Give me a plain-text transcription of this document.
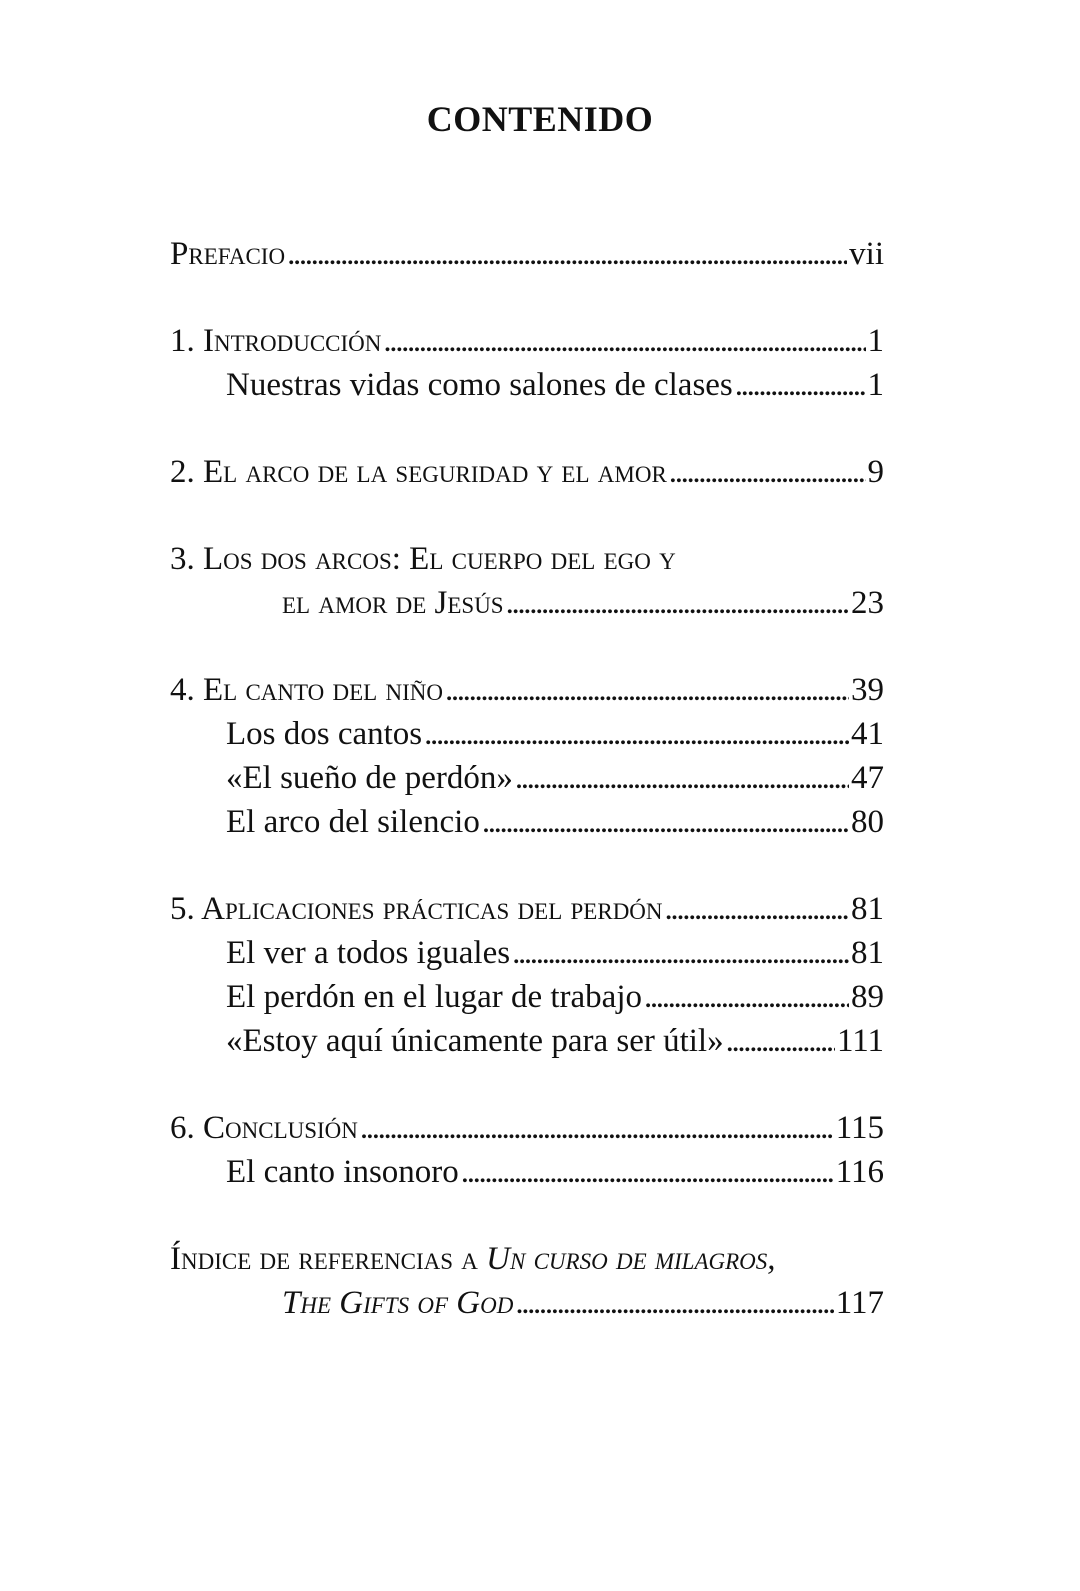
CONTENIDO
Prefacio . . .	vii
1. Introducción . . .	1
Nuestras vidas como salones de clases . . .	1
2. El arco de la seguridad y el amor . . .	9
3. Los dos arcos: El cuerpo del ego y
el amor de Jesús . . .	23
4. El canto del niño . . .	39
Los dos cantos . . .	41
«El sueño de perdón» . . .	47
El arco del silencio . . .	80
5. Aplicaciones prácticas del perdón . . .	81
El ver a todos iguales . . .	81
El perdón en el lugar de trabajo . . .	89
«Estoy aquí únicamente para ser útil» . . .	111
6. Conclusión . . .	115
El canto insonoro . . .	116
Índice de referencias a Un curso de milagros,
The Gifts of God . . .	117
